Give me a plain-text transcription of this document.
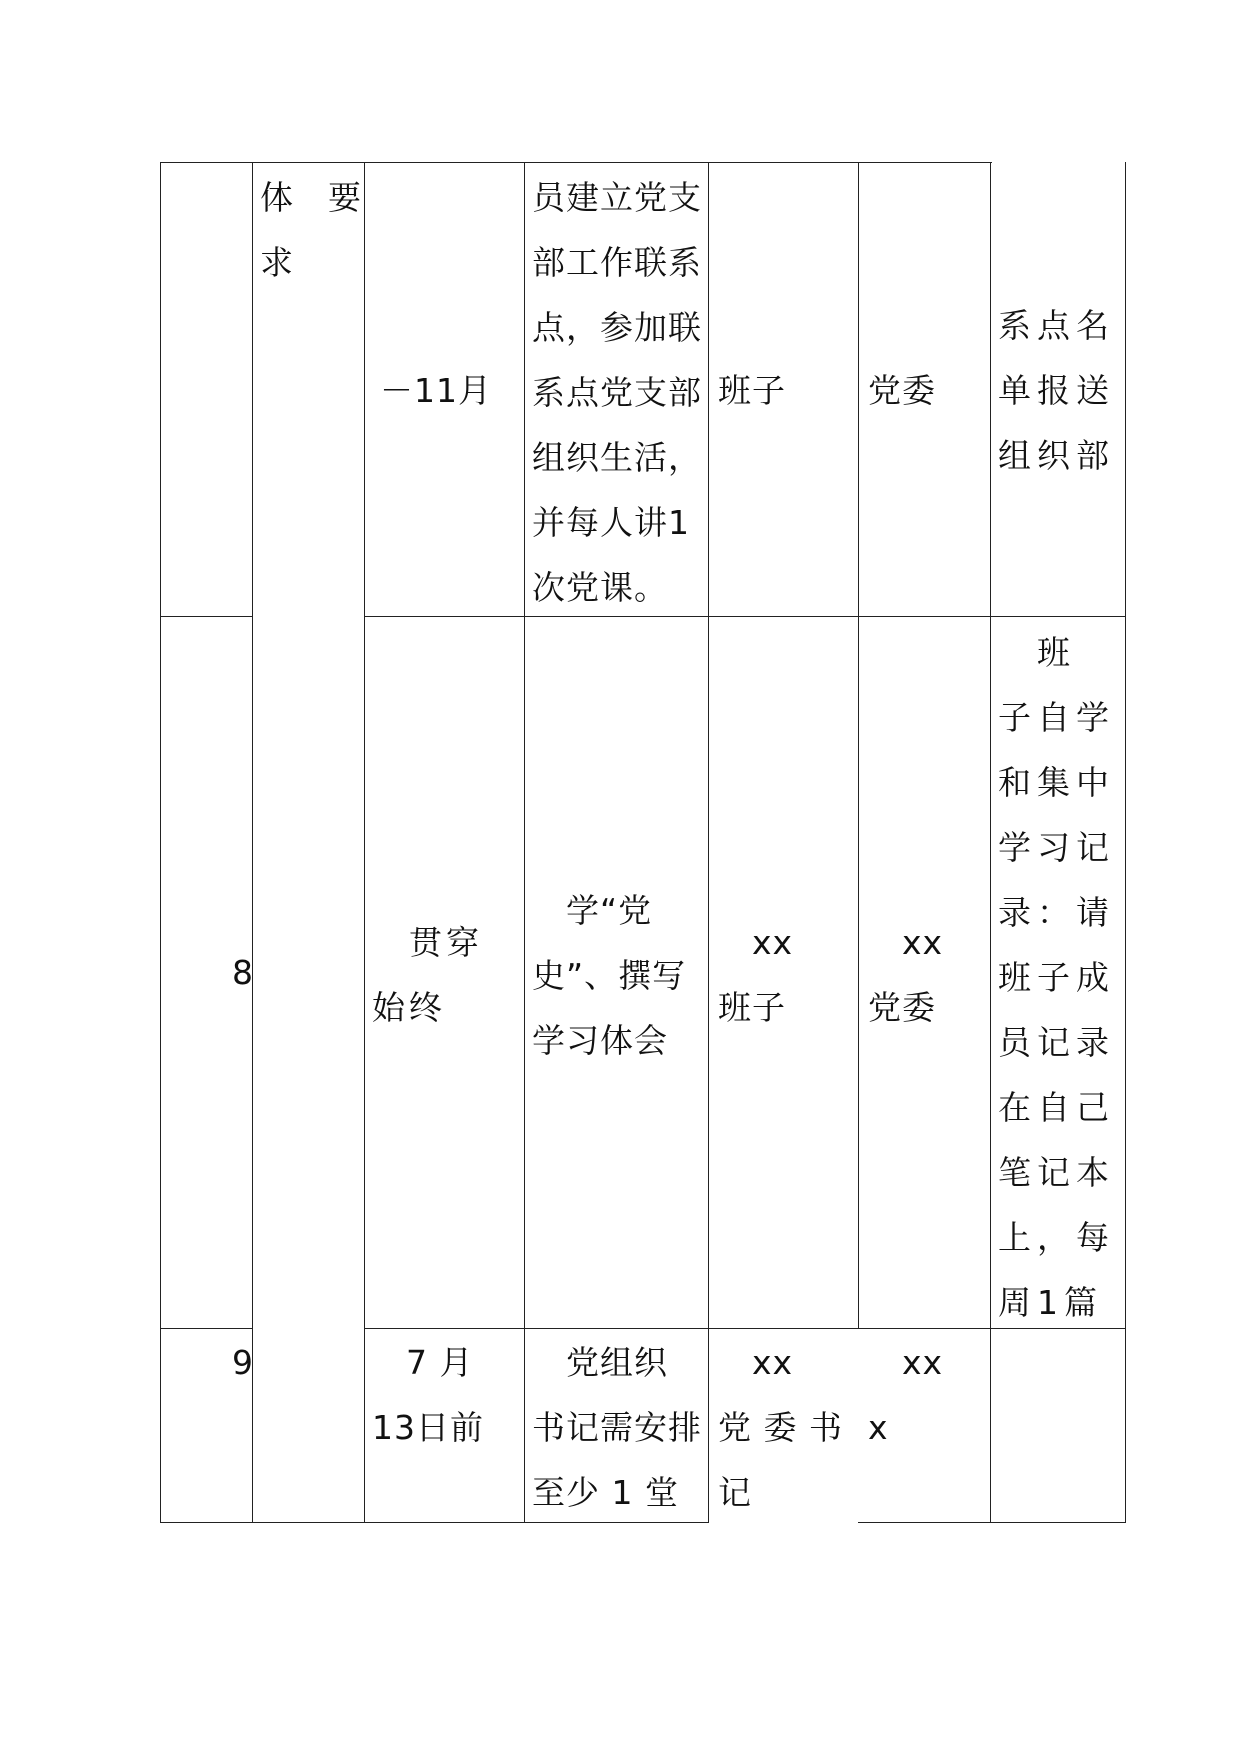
体　要
求
－11月
员建立党支
部工作联系
点，参加联
系点党支部
组织生活，
并每人讲1
次党课。
班子 党委
系点名
单报送
组织部
8
　贯穿
始终
　学“党
史”、撰写
学习体会
　xx
班子
　xx
党委
　班
子自学
和集中
学习记
录：请
班子成
员记录
在自己
笔记本
上，每
周1篇
9	　7 月
13日前
　党组织
书记需安排
至少 1 堂
　xx
党 委 书
记
　xx
x
